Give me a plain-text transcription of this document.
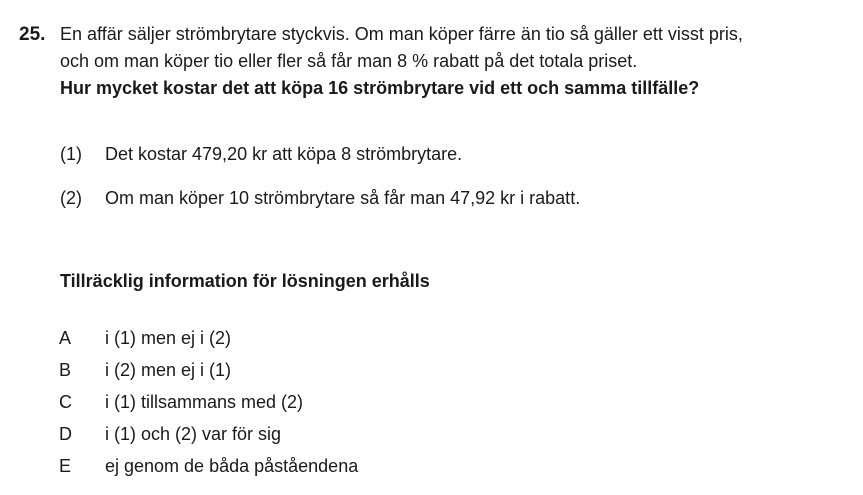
25. En affär säljer strömbrytare styckvis. Om man köper färre än tio så gäller ett visst pris,
och om man köper tio eller fler så får man 8 % rabatt på det totala priset.
Hur mycket kostar det att köpa 16 strömbrytare vid ett och samma tillfälle?
(1)	Det kostar 479,20 kr att köpa 8 strömbrytare.
(2)	Om man köper 10 strömbrytare så får man 47,92 kr i rabatt.
Tillräcklig information för lösningen erhålls
A	i (1) men ej i (2)
B	i (2) men ej i (1)
C	i (1) tillsammans med (2)
D	i (1) och (2) var för sig
E	ej genom de båda påståendena
